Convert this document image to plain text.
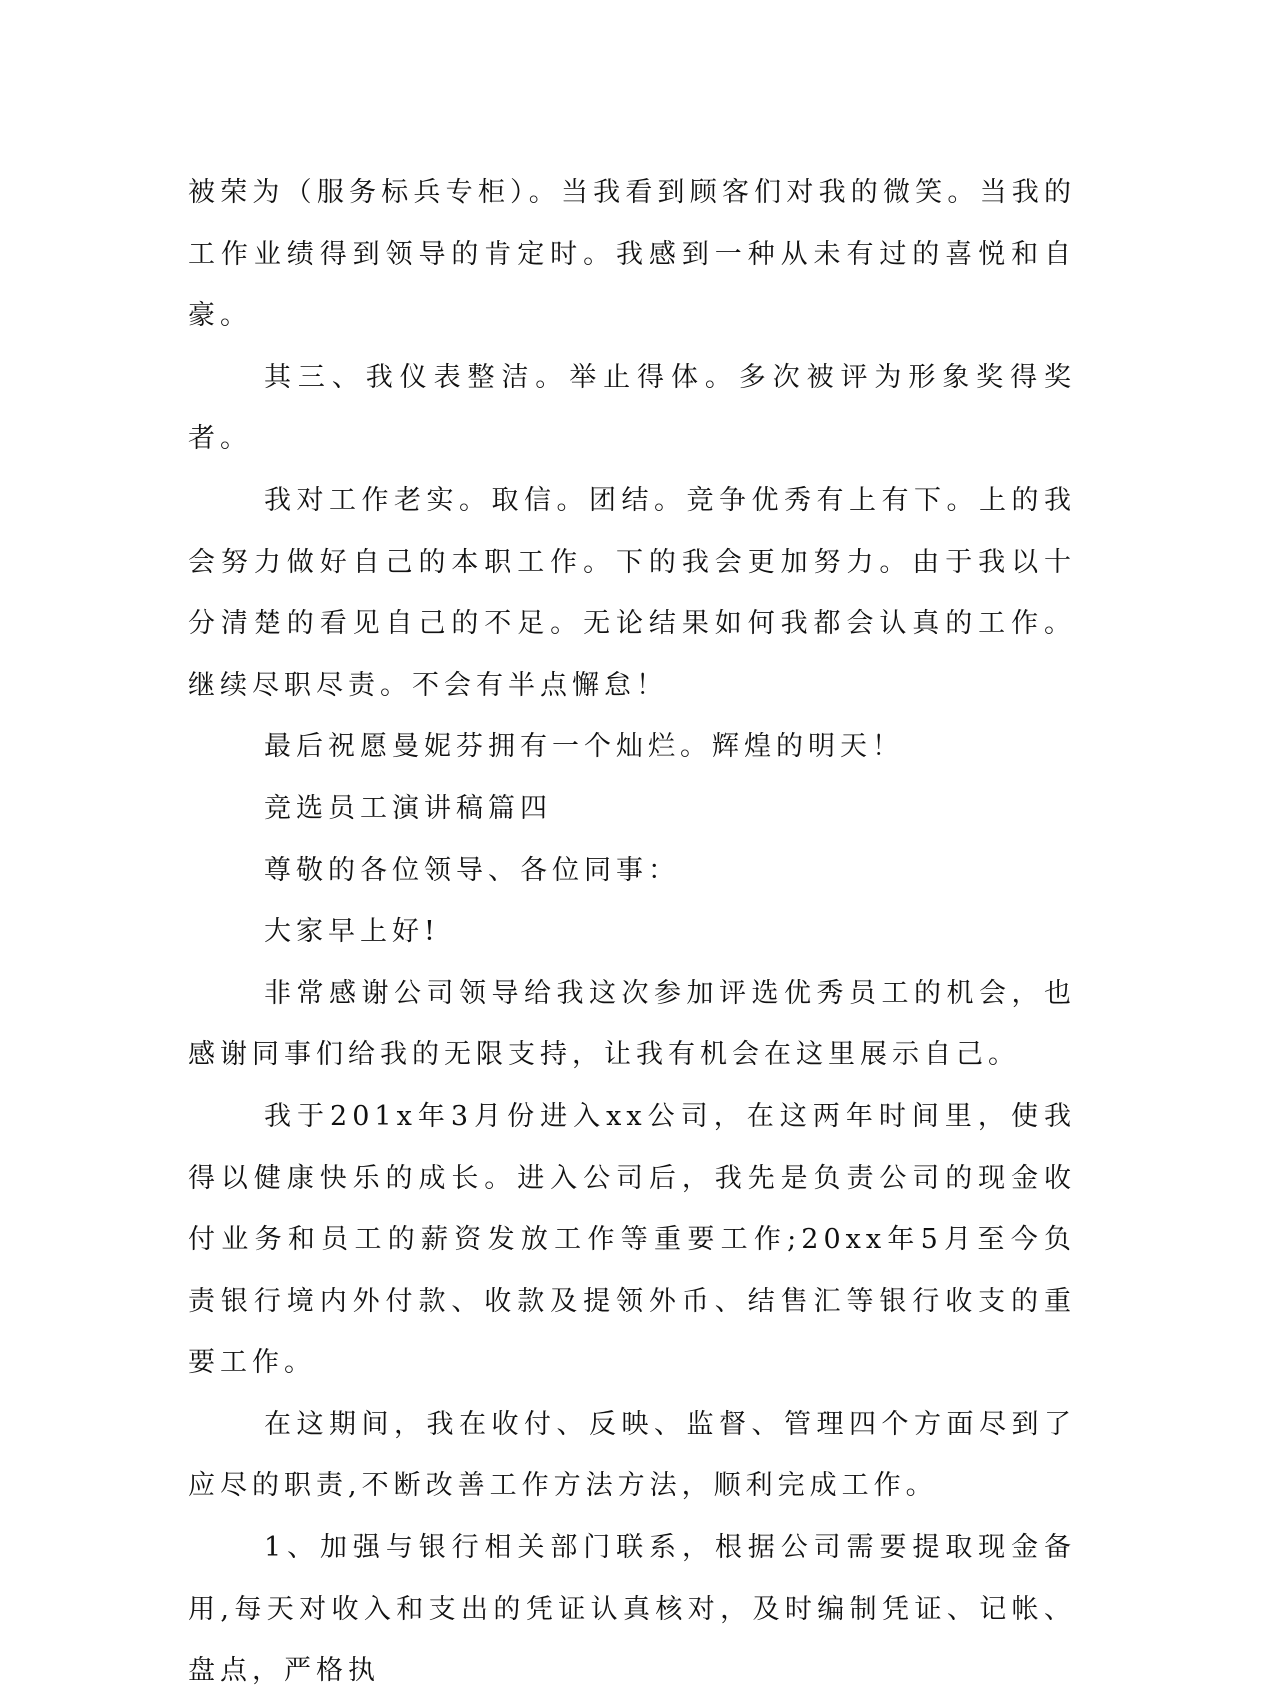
被荣为（服务标兵专柜）。当我看到顾客们对我的微笑。当我的工作业绩得到领导的肯定时。我感到一种从未有过的喜悦和自豪。

其三、我仪表整洁。举止得体。多次被评为形象奖得奖者。

我对工作老实。取信。团结。竞争优秀有上有下。上的我会努力做好自己的本职工作。下的我会更加努力。由于我以十分清楚的看见自己的不足。无论结果如何我都会认真的工作。继续尽职尽责。不会有半点懈怠！

最后祝愿曼妮芬拥有一个灿烂。辉煌的明天！

竞选员工演讲稿篇四

尊敬的各位领导、各位同事：

大家早上好!

非常感谢公司领导给我这次参加评选优秀员工的机会，也感谢同事们给我的无限支持，让我有机会在这里展示自己。

我于201x年3月份进入xx公司，在这两年时间里，使我得以健康快乐的成长。进入公司后，我先是负责公司的现金收付业务和员工的薪资发放工作等重要工作;20xx年5月至今负责银行境内外付款、收款及提领外币、结售汇等银行收支的重要工作。

在这期间，我在收付、反映、监督、管理四个方面尽到了应尽的职责,不断改善工作方法方法，顺利完成工作。

1、加强与银行相关部门联系，根据公司需要提取现金备用,每天对收入和支出的凭证认真核对，及时编制凭证、记帐、盘点，严格执
